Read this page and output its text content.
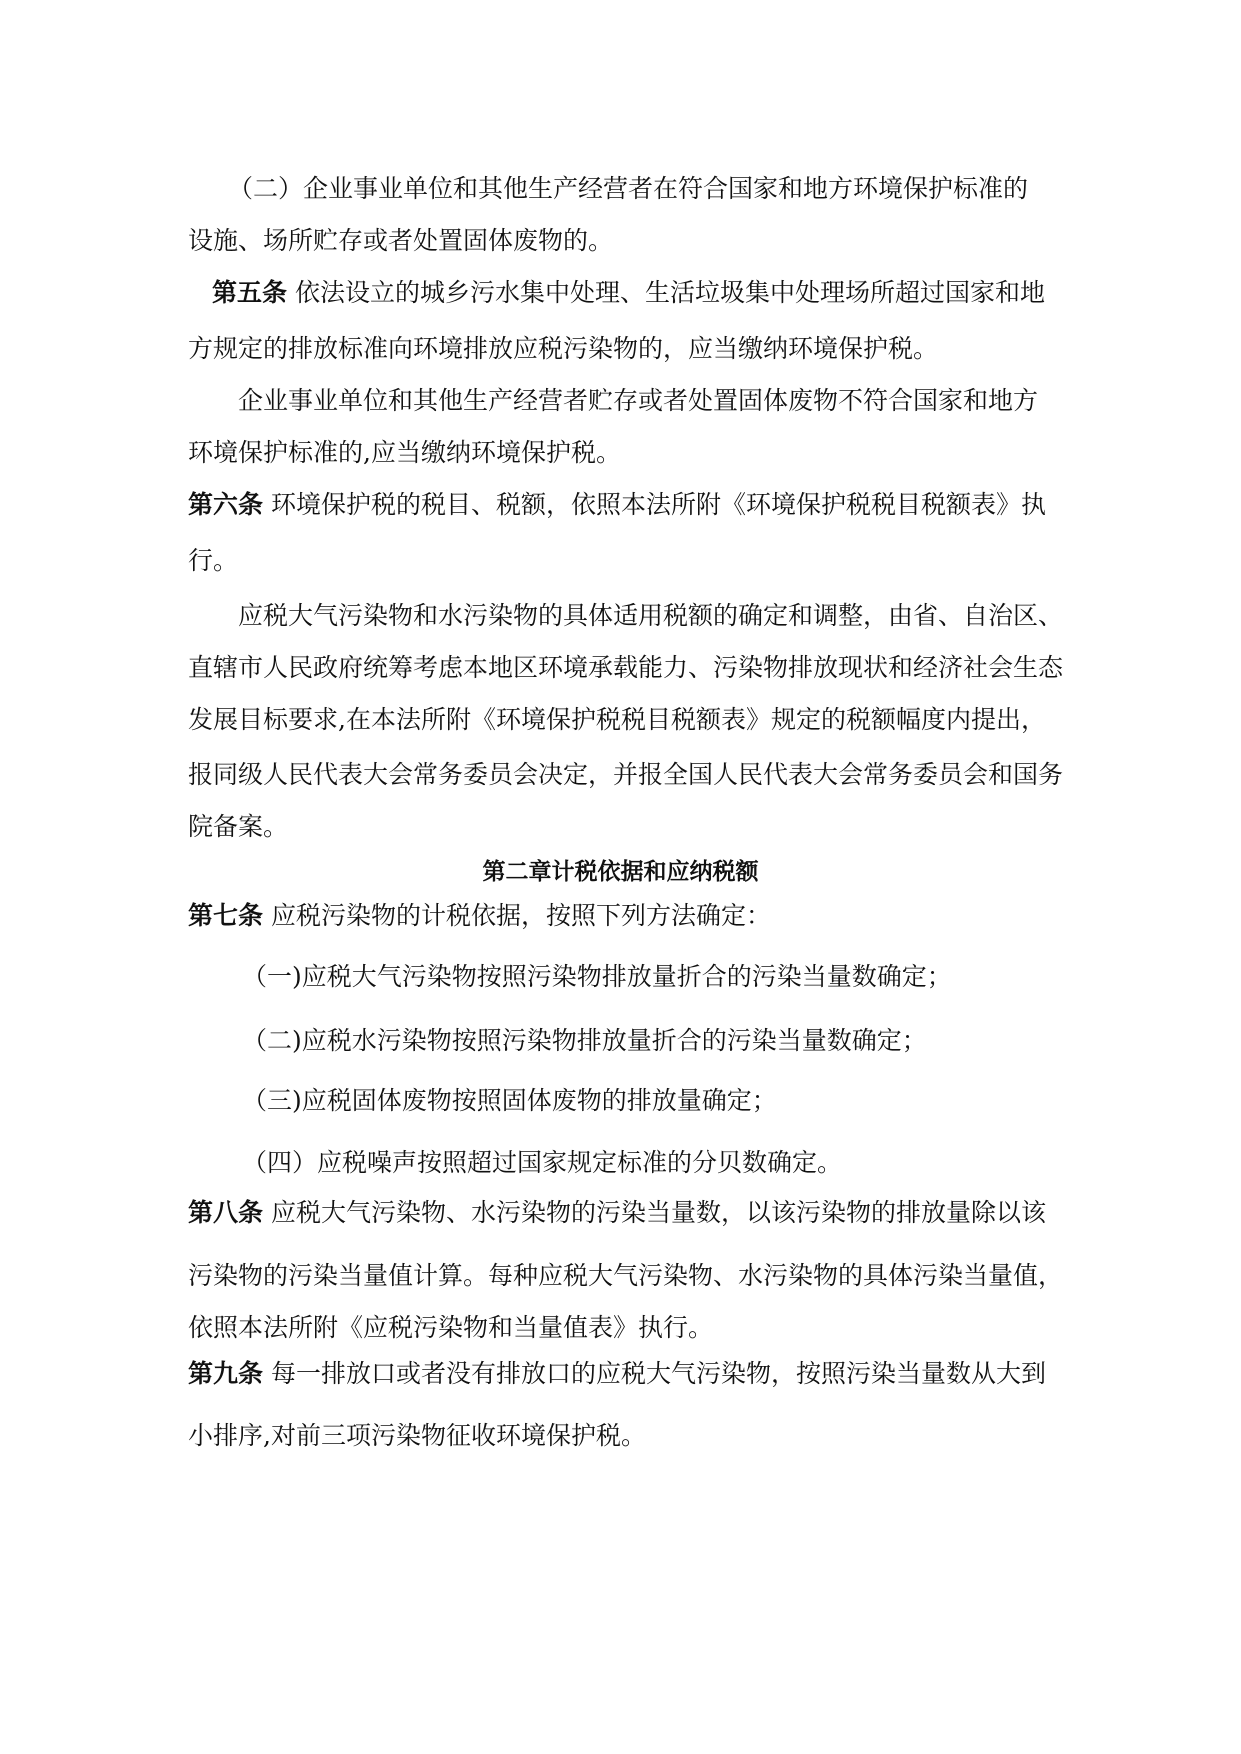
（二）企业事业单位和其他生产经营者在符合国家和地方环境保护标准的
设施、场所贮存或者处置固体废物的。
第五条 依法设立的城乡污水集中处理、生活垃圾集中处理场所超过国家和地
方规定的排放标准向环境排放应税污染物的，应当缴纳环境保护税。
企业事业单位和其他生产经营者贮存或者处置固体废物不符合国家和地方
环境保护标准的,应当缴纳环境保护税。
第六条 环境保护税的税目、税额，依照本法所附《环境保护税税目税额表》执
行。
应税大气污染物和水污染物的具体适用税额的确定和调整，由省、自治区、
直辖市人民政府统筹考虑本地区环境承载能力、污染物排放现状和经济社会生态
发展目标要求,在本法所附《环境保护税税目税额表》规定的税额幅度内提出，
报同级人民代表大会常务委员会决定，并报全国人民代表大会常务委员会和国务
院备案。
第二章计税依据和应纳税额
第七条 应税污染物的计税依据，按照下列方法确定：
（一)应税大气污染物按照污染物排放量折合的污染当量数确定；
（二)应税水污染物按照污染物排放量折合的污染当量数确定；
（三)应税固体废物按照固体废物的排放量确定；
（四）应税噪声按照超过国家规定标准的分贝数确定。
第八条 应税大气污染物、水污染物的污染当量数，以该污染物的排放量除以该
污染物的污染当量值计算。每种应税大气污染物、水污染物的具体污染当量值，
依照本法所附《应税污染物和当量值表》执行。
第九条 每一排放口或者没有排放口的应税大气污染物，按照污染当量数从大到
小排序,对前三项污染物征收环境保护税。
